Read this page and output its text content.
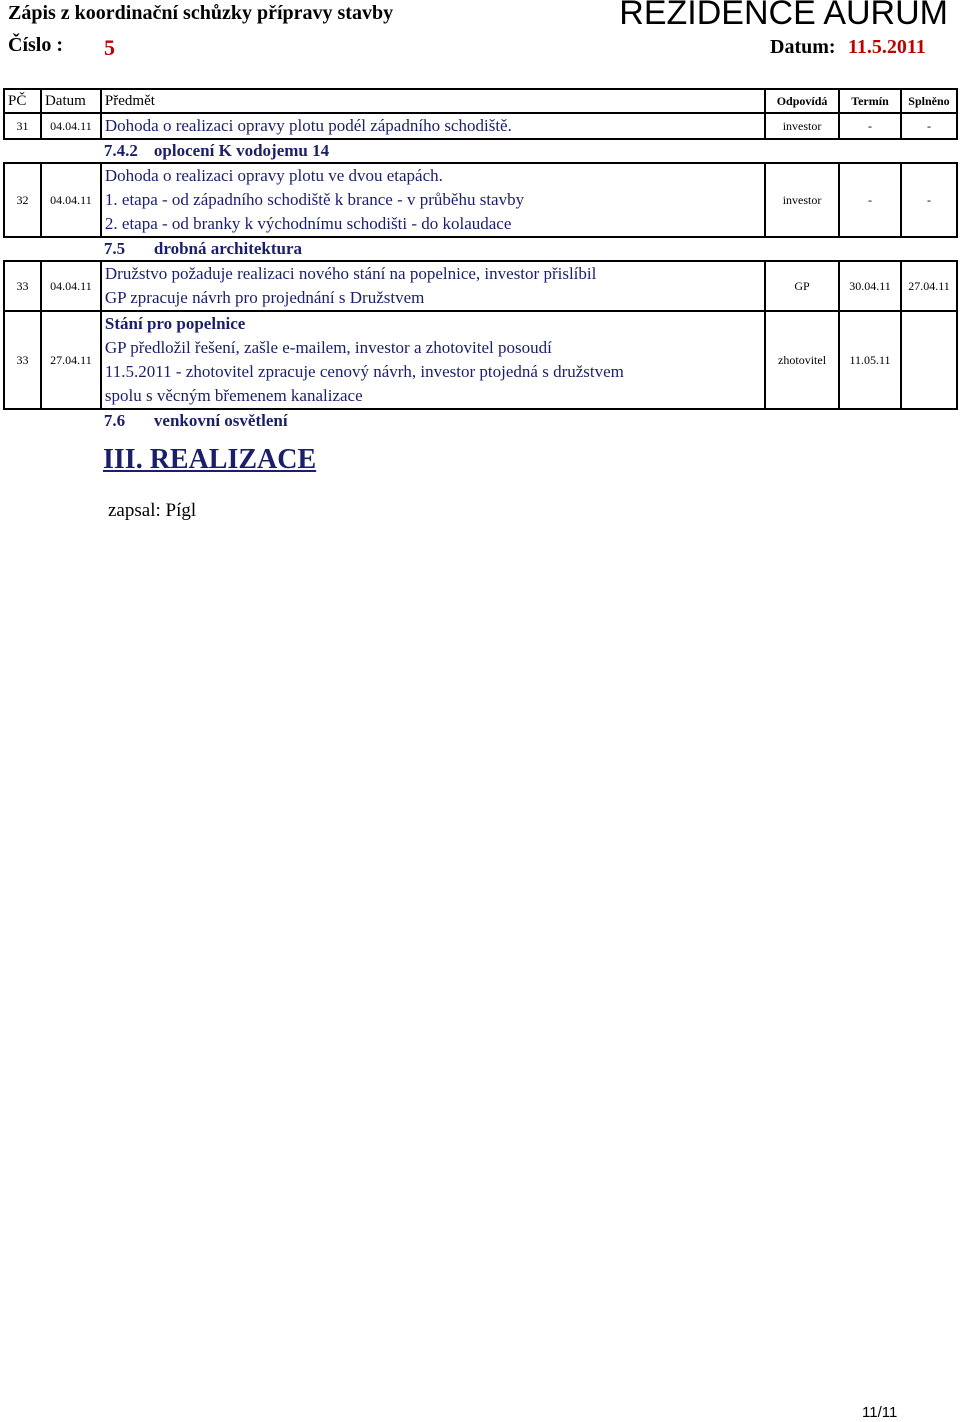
Zápis z koordinační schůzky přípravy stavby	REZIDENCE AURUM
Číslo : 5	Datum: 11.5.2011
PČ	Datum	Předmět	Odpovídá	Termín	Splněno
31	04.04.11	Dohoda o realizaci opravy plotu podél západního schodiště.	investor	-	-

		7.4.2 oplocení K vodojemu 14			

32	04.04.11	Dohoda o realizaci opravy plotu ve dvou etapách.
1. etapa - od západního schodiště k brance - v průběhu stavby
2. etapa - od branky k východnímu schodišti - do kolaudace	investor	-	-

		7.5 drobná architektura			

33	04.04.11	Družstvo požaduje realizaci nového stání na popelnice, investor přislíbil
GP zpracuje návrh pro projednání s Družstvem	GP	30.04.11	27.04.11
33	27.04.11	Stání pro popelnice
GP předložil řešení, zašle e-mailem, investor a zhotovitel posoudí
11.5.2011 - zhotovitel zpracuje cenový návrh, investor ptojedná s družstvem
spolu s věcným břemenem kanalizace	zhotovitel	11.05.11	

		7.6 venkovní osvětlení			
III. REALIZACE
zapsal: Pígl
11/11
